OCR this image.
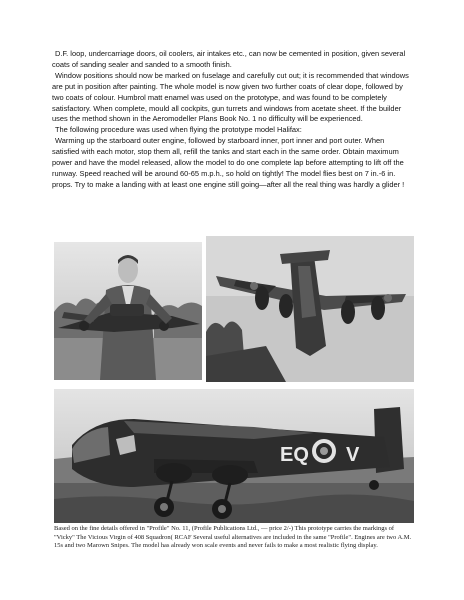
D.F. loop, undercarriage doors, oil coolers, air intakes etc., can now be cemented in position, given several coats of sanding sealer and sanded to a smooth finish.

Window positions should now be marked on fuselage and carefully cut out; it is recommended that windows are put in position after painting. The whole model is now given two further coats of clear dope, followed by two coats of colour. Humbrol matt enamel was used on the prototype, and was found to be completely satisfactory. When complete, mould all cockpits, gun turrets and windows from acetate sheet. If the builder uses the method shown in the Aeromodeller Plans Book No. 1 no difficulty will be experienced.

The following procedure was used when flying the prototype model Halifax:

Warming up the starboard outer engine, followed by starboard inner, port inner and port outer. When satisfied with each motor, stop them all, refill the tanks and start each in the same order. Obtain maximum power and have the model released, allow the model to do one complete lap before attempting to lift off the runway. Speed reached will be around 60-65 m.p.h., so hold on tightly! The model flies best on 7 in.-6 in. props. Try to make a landing with at least one engine still going—after all the real thing was hardly a glider !

EQ V

Based on the fine details offered in "Profile" No. 11, (Profile Publications Ltd., — price 2/-) This prototype carries the markings of "Vicky" The Vicious Virgin of 408 Squadron( RCAF Several useful alternatives are included in the same "Profile". Engines are two A.M. 15s and two Marown Snipes. The model has already won scale events and never fails to make a most realistic flying display.
